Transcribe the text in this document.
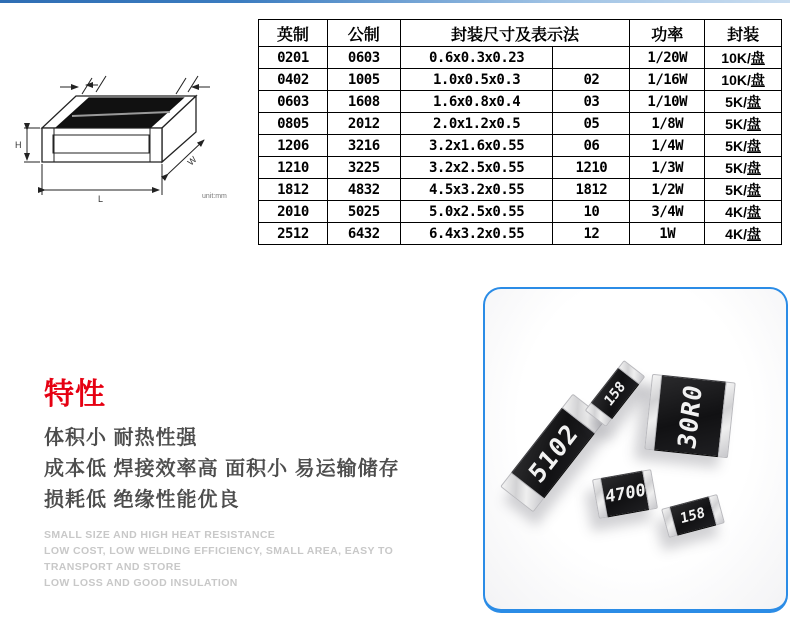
H
L
W
unit:mm
英制	公制	封装尺寸及表示法		功率	封装
0201	0603	0.6x0.3x0.23		1/20W	10K/盘
0402	1005	1.0x0.5x0.3	02	1/16W	10K/盘
0603	1608	1.6x0.8x0.4	03	1/10W	5K/盘
0805	2012	2.0x1.2x0.5	05	1/8W	5K/盘
1206	3216	3.2x1.6x0.55	06	1/4W	5K/盘
1210	3225	3.2x2.5x0.55	1210	1/3W	5K/盘
1812	4832	4.5x3.2x0.55	1812	1/2W	5K/盘
2010	5025	5.0x2.5x0.55	10	3/4W	4K/盘
2512	6432	6.4x3.2x0.55	12	1W	4K/盘
特性
体积小 耐热性强
成本低 焊接效率高 面积小 易运输储存
损耗低 绝缘性能优良
SMALL SIZE AND HIGH HEAT RESISTANCE
LOW COST, LOW WELDING EFFICIENCY, SMALL AREA, EASY TO TRANSPORT AND STORE
LOW LOSS AND GOOD INSULATION
5102
158 30R0
4700
158
